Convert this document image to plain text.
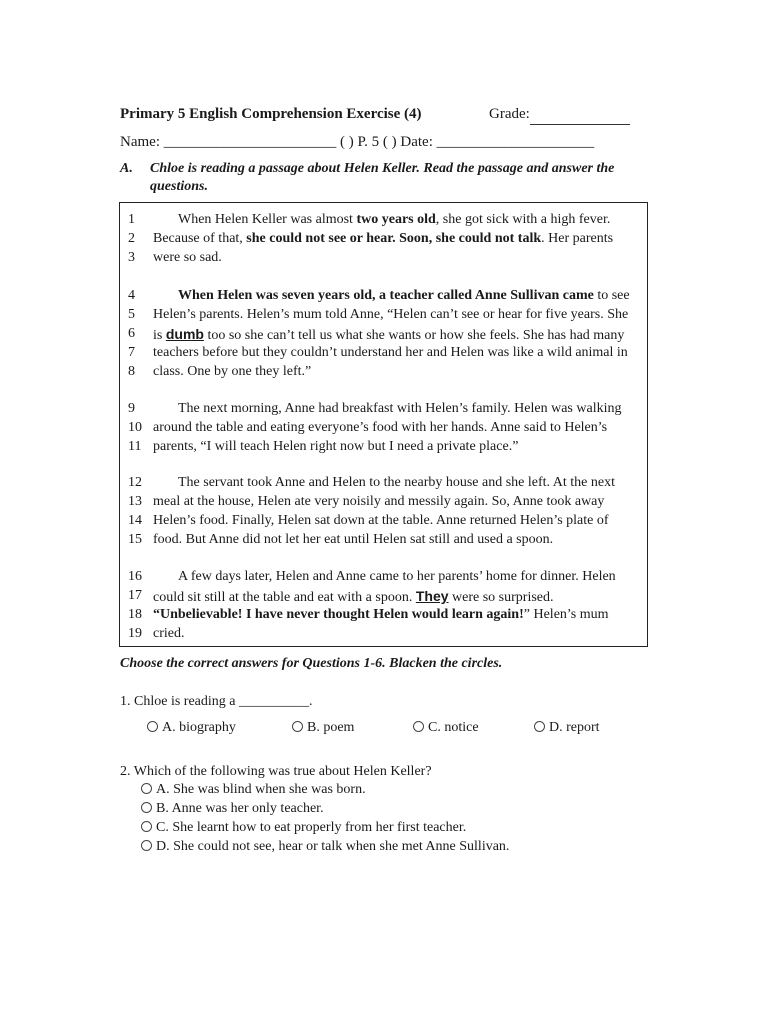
Primary 5 English Comprehension Exercise (4)	Grade:
Name: _______________________ ( ) P. 5 ( ) Date: _____________________
A. Chloe is reading a passage about Helen Keller. Read the passage and answer the questions.
1	When Helen Keller was almost two years old, she got sick with a high fever.
2	Because of that, she could not see or hear. Soon, she could not talk. Her parents
3	were so sad.
4	When Helen was seven years old, a teacher called Anne Sullivan came to see
5	Helen’s parents. Helen’s mum told Anne, “Helen can’t see or hear for five years. She
6	is dumb too so she can’t tell us what she wants or how she feels. She has had many
7	teachers before but they couldn’t understand her and Helen was like a wild animal in
8	class. One by one they left.”
9	The next morning, Anne had breakfast with Helen’s family. Helen was walking
10 around the table and eating everyone’s food with her hands. Anne said to Helen’s
11 parents, “I will teach Helen right now but I need a private place.”
12	The servant took Anne and Helen to the nearby house and she left. At the next
13 meal at the house, Helen ate very noisily and messily again. So, Anne took away
14 Helen’s food. Finally, Helen sat down at the table. Anne returned Helen’s plate of
15 food. But Anne did not let her eat until Helen sat still and used a spoon.
16	A few days later, Helen and Anne came to her parents’ home for dinner. Helen
17 could sit still at the table and eat with a spoon. They were so surprised.
18 “Unbelievable! I have never thought Helen would learn again!” Helen’s mum
19 cried.
Choose the correct answers for Questions 1-6. Blacken the circles.
1. Chloe is reading a __________.
A. biography	B. poem	C. notice	D. report
2. Which of the following was true about Helen Keller?
A. She was blind when she was born.
B. Anne was her only teacher.
C. She learnt how to eat properly from her first teacher.
D. She could not see, hear or talk when she met Anne Sullivan.
